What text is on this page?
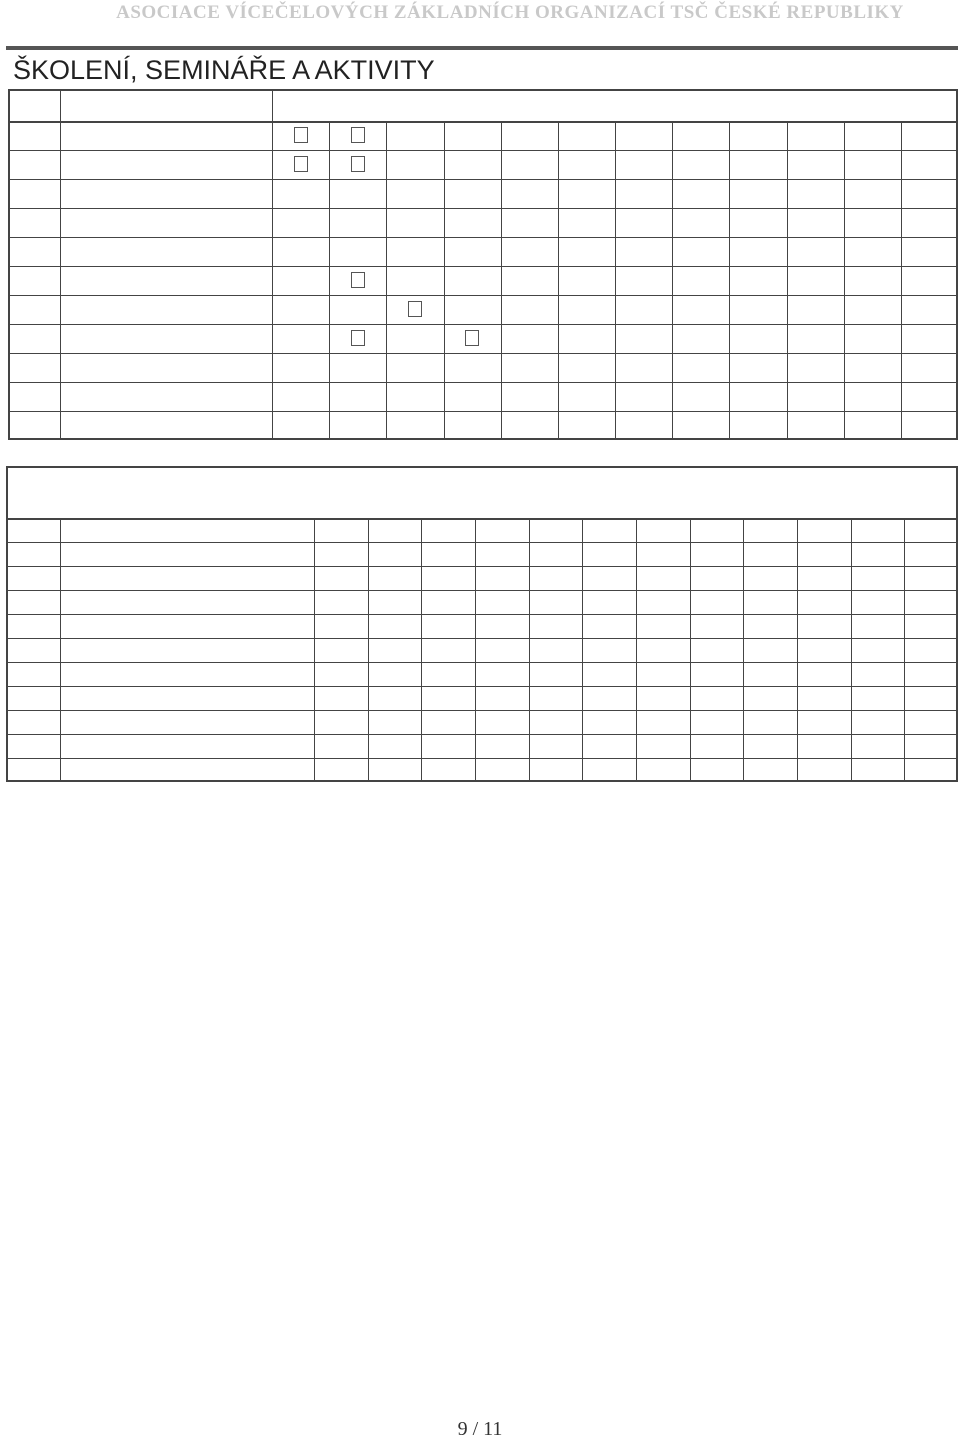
ASOCIACE VÍCEČELOVÝCH ZÁKLADNÍCH ORGANIZACÍ TSČ ČESKÉ REPUBLIKY
ŠKOLENÍ, SEMINÁŘE A AKTIVITY
9 / 11
